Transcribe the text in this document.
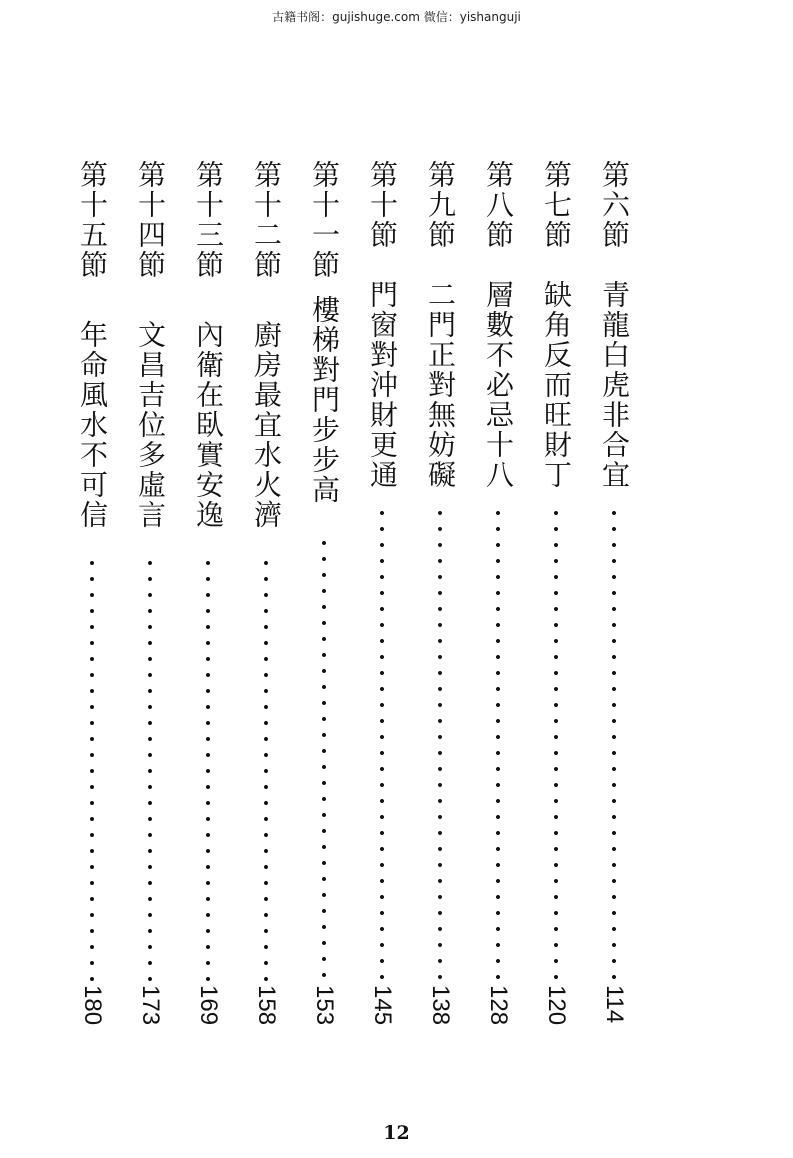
古籍书阁：gujishuge.com 微信：yishanguji
第六節
青龍白虎非合宜
114
第七節
缺角反而旺財丁
120
第八節
層數不必忌十八
128
第九節
二門正對無妨礙
138
第十節
門窗對沖財更通
145
第十一節
樓梯對門步步高
153
第十二節
廚房最宜水火濟
158
第十三節
內衛在臥實安逸
169
第十四節
文昌吉位多虛言
173
第十五節
年命風水不可信
180
12
